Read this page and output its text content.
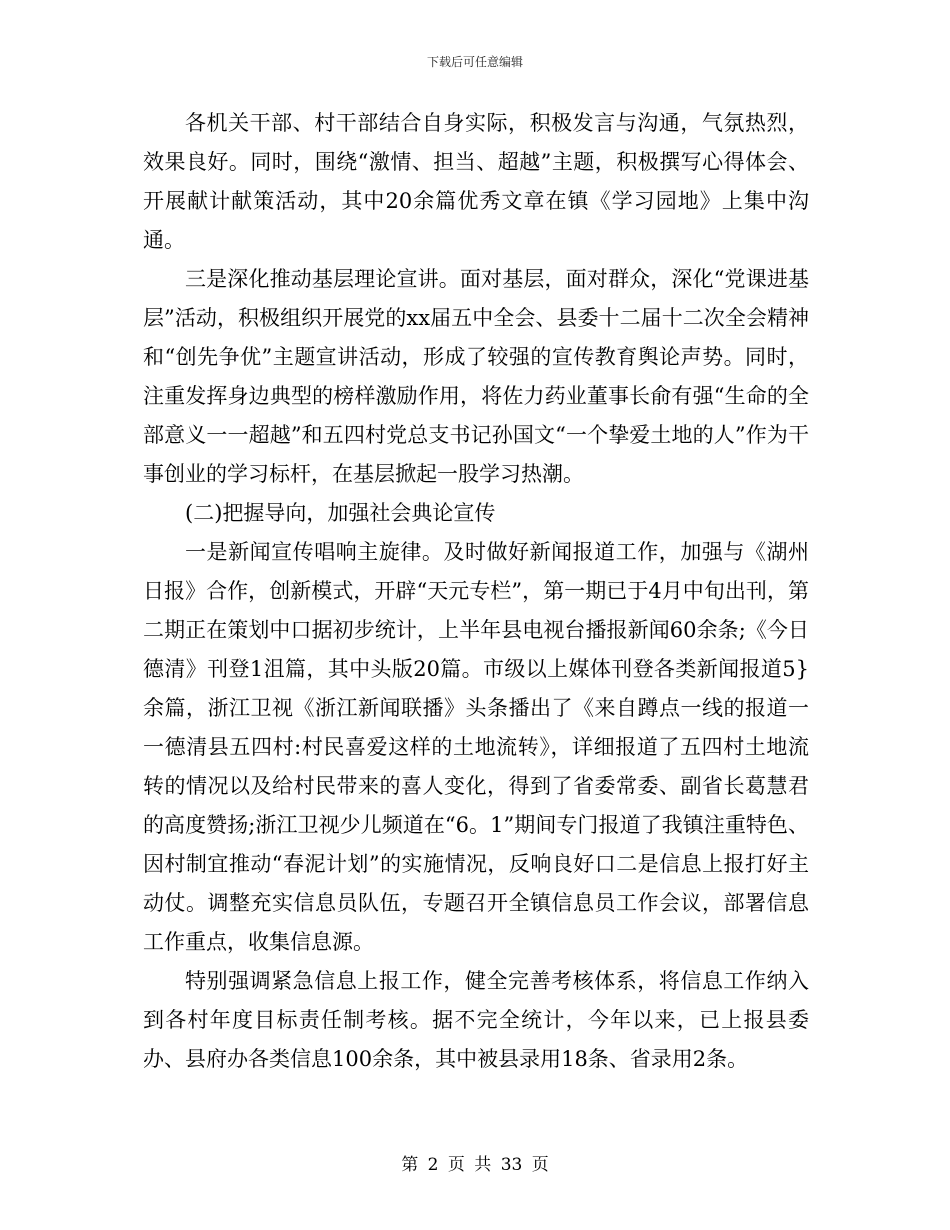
下载后可任意编辑

各机关干部、村干部结合自身实际，积极发言与沟通，气氛热烈，效果良好。同时，围绕“激情、担当、超越”主题，积极撰写心得体会、开展献计献策活动，其中20余篇优秀文章在镇《学习园地》上集中沟通。

三是深化推动基层理论宣讲。面对基层，面对群众，深化“党课进基层”活动，积极组织开展党的xx届五中全会、县委十二届十二次全会精神和“创先争优”主题宣讲活动，形成了较强的宣传教育舆论声势。同时，注重发挥身边典型的榜样激励作用，将佐力药业董事长俞有强“生命的全部意义一一超越”和五四村党总支书记孙国文“一个挚爱土地的人”作为干事创业的学习标杆，在基层掀起一股学习热潮。

(二)把握导向，加强社会典论宣传

一是新闻宣传唱响主旋律。及时做好新闻报道工作，加强与《湖州日报》合作，创新模式，开辟“天元专栏”，第一期已于4月中旬出刊，第二期正在策划中口据初步统计，上半年县电视台播报新闻60余条;《今日德清》刊登1沮篇，其中头版20篇。市级以上媒体刊登各类新闻报道5}余篇，浙江卫视《浙江新闻联播》头条播出了《来自蹲点一线的报道一一德清县五四村:村民喜爱这样的土地流转》，详细报道了五四村土地流转的情况以及给村民带来的喜人变化，得到了省委常委、副省长葛慧君的高度赞扬;浙江卫视少儿频道在“6。1”期间专门报道了我镇注重特色、因村制宜推动“春泥计划”的实施情况，反响良好口二是信息上报打好主动仗。调整充实信息员队伍，专题召开全镇信息员工作会议，部署信息工作重点，收集信息源。

特别强调紧急信息上报工作，健全完善考核体系，将信息工作纳入到各村年度目标责任制考核。据不完全统计，今年以来，已上报县委办、县府办各类信息100余条，其中被县录用18条、省录用2条。

第 2 页 共 33 页
